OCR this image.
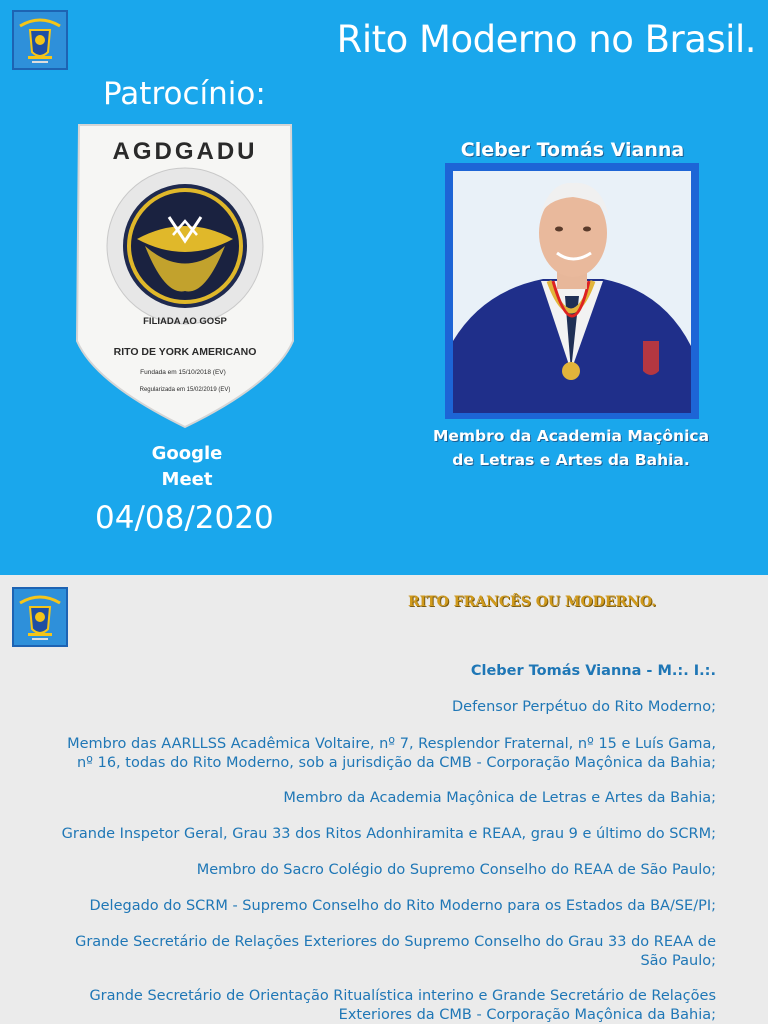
Rito Moderno no Brasil.
Patrocínio:
AGDGADU
FILIADA AO GOSP
RITO DE YORK AMERICANO
Fundada em 15/10/2018 (EV)
Regularizada em 15/02/2019 (EV)
Google
Meet
04/08/2020
Cleber Tomás Vianna
Membro da Academia Maçônica
de Letras e Artes da Bahia.
RITO FRANCÊS OU MODERNO.
Cleber Tomás Vianna - M.:. I.:.
Defensor Perpétuo do Rito Moderno;
Membro das AARLLSS Acadêmica Voltaire, nº 7, Resplendor Fraternal, nº 15 e Luís Gama, nº 16, todas do Rito Moderno, sob a jurisdição da CMB - Corporação Maçônica da Bahia;
Membro da Academia Maçônica de Letras e Artes da Bahia;
Grande Inspetor Geral, Grau 33 dos Ritos Adonhiramita e REAA, grau 9 e último do SCRM;
Membro do Sacro Colégio do Supremo Conselho do REAA de São Paulo;
Delegado do SCRM - Supremo Conselho do Rito Moderno para os Estados da BA/SE/PI;
Grande Secretário de Relações Exteriores do Supremo Conselho do Grau 33 do REAA de São Paulo;
Grande Secretário de Orientação Ritualística interino e Grande Secretário de Relações Exteriores da CMB - Corporação Maçônica da Bahia;
